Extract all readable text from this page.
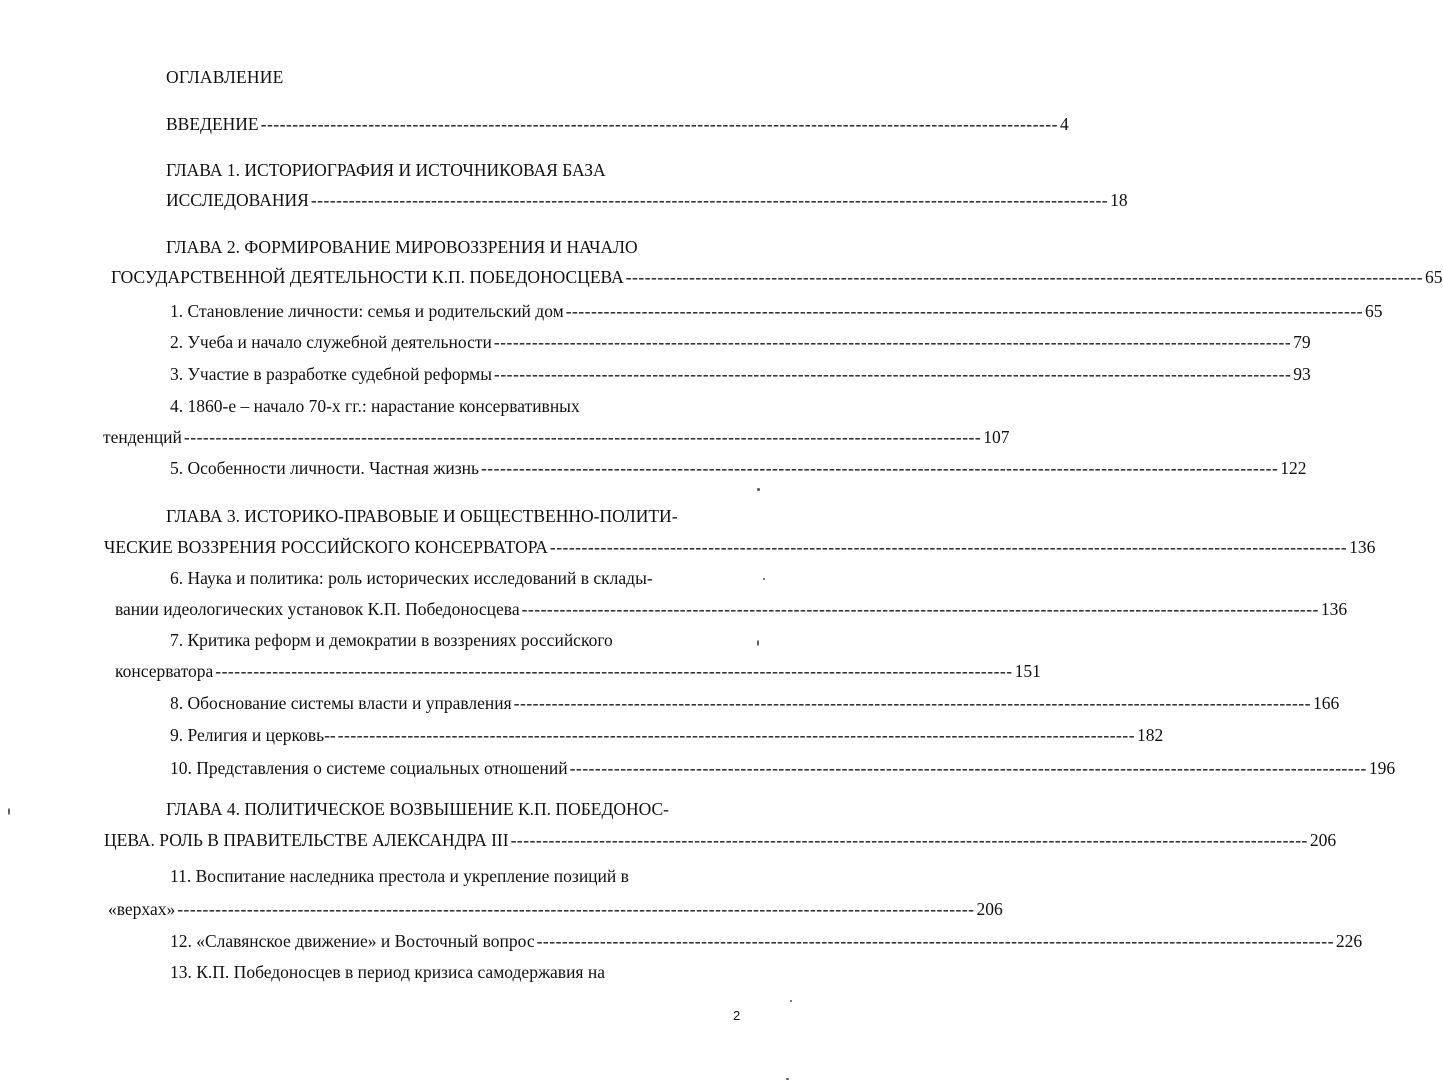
ОГЛАВЛЕНИЕ
ВВЕДЕНИЕ ------------------------------------------------------------------------------------------------------------------------------ 4
ГЛАВА 1. ИСТОРИОГРАФИЯ И ИСТОЧНИКОВАЯ БАЗА
ИССЛЕДОВАНИЯ ------------------------------------------------------------------------------------------------------------------------------ 18
ГЛАВА 2. ФОРМИРОВАНИЕ МИРОВОЗЗРЕНИЯ И НАЧАЛО
ГОСУДАРСТВЕННОЙ ДЕЯТЕЛЬНОСТИ К.П. ПОБЕДОНОСЦЕВА ------------------------------------------------------------------------------------------------------------------------------ 65
1. Становление личности: семья и родительский дом ------------------------------------------------------------------------------------------------------------------------------ 65
2. Учеба и начало служебной деятельности ------------------------------------------------------------------------------------------------------------------------------ 79
3. Участие в разработке судебной реформы ------------------------------------------------------------------------------------------------------------------------------ 93
4. 1860-е – начало 70-х гг.: нарастание консервативных
тенденций ------------------------------------------------------------------------------------------------------------------------------ 107
5. Особенности личности. Частная жизнь ------------------------------------------------------------------------------------------------------------------------------ 122
ГЛАВА 3. ИСТОРИКО-ПРАВОВЫЕ И ОБЩЕСТВЕННО-ПОЛИТИ-
ЧЕСКИЕ ВОЗЗРЕНИЯ РОССИЙСКОГО КОНСЕРВАТОРА ------------------------------------------------------------------------------------------------------------------------------ 136
6. Наука и политика: роль исторических исследований в склады-
вании идеологических установок К.П. Победоносцева ------------------------------------------------------------------------------------------------------------------------------ 136
7. Критика реформ и демократии в воззрениях российского
консерватора ------------------------------------------------------------------------------------------------------------------------------ 151
8. Обоснование системы власти и управления ------------------------------------------------------------------------------------------------------------------------------ 166
9. Религия и церковь-- ------------------------------------------------------------------------------------------------------------------------------ 182
10. Представления о системе социальных отношений ------------------------------------------------------------------------------------------------------------------------------ 196
ГЛАВА 4. ПОЛИТИЧЕСКОЕ ВОЗВЫШЕНИЕ К.П. ПОБЕДОНОС-
ЦЕВА. РОЛЬ В ПРАВИТЕЛЬСТВЕ АЛЕКСАНДРА III ------------------------------------------------------------------------------------------------------------------------------ 206
11. Воспитание наследника престола и укрепление позиций в
«верхах» ------------------------------------------------------------------------------------------------------------------------------ 206
12. «Славянское движение» и Восточный вопрос ------------------------------------------------------------------------------------------------------------------------------ 226
13. К.П. Победоносцев в период кризиса самодержавия на
2
